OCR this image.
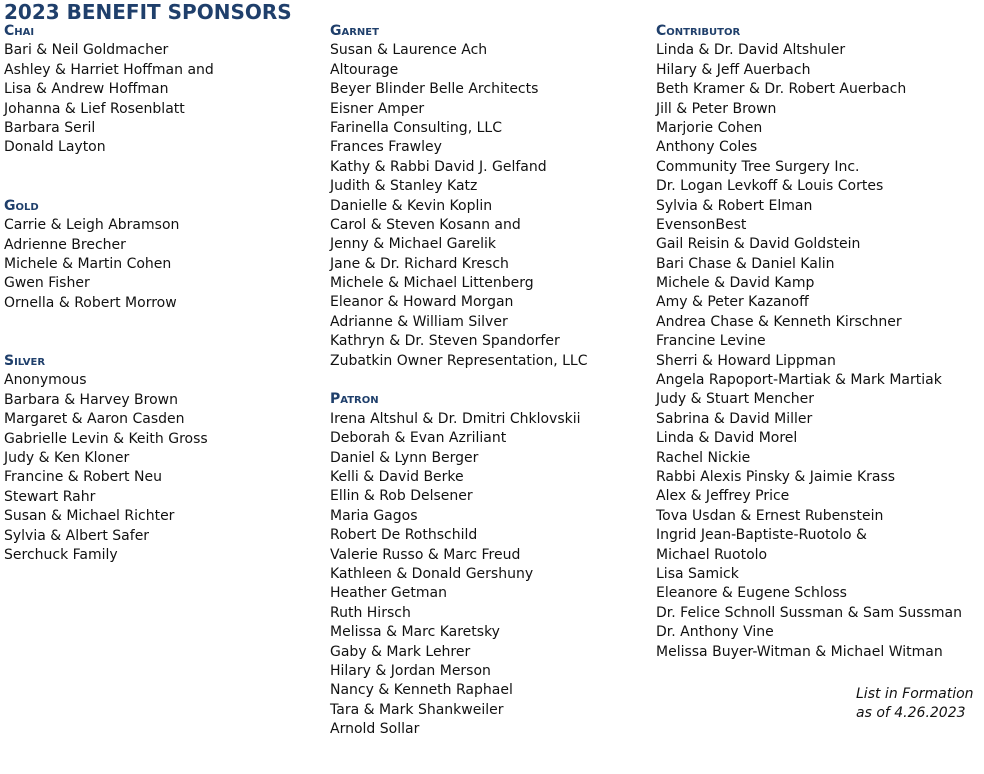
2023 BENEFIT SPONSORS
Chai
Bari & Neil Goldmacher
Ashley & Harriet Hoffman and
Lisa & Andrew Hoffman
Johanna & Lief Rosenblatt
Barbara Seril
Donald Layton
Gold
Carrie & Leigh Abramson
Adrienne Brecher
Michele & Martin Cohen
Gwen Fisher
Ornella & Robert Morrow
Silver
Anonymous
Barbara & Harvey Brown
Margaret & Aaron Casden
Gabrielle Levin & Keith Gross
Judy & Ken Kloner
Francine & Robert Neu
Stewart Rahr
Susan & Michael Richter
Sylvia & Albert Safer
Serchuck Family
Garnet
Susan & Laurence Ach
Altourage
Beyer Blinder Belle Architects
Eisner Amper
Farinella Consulting, LLC
Frances Frawley
Kathy & Rabbi David J. Gelfand
Judith & Stanley Katz
Danielle & Kevin Koplin
Carol & Steven Kosann and
Jenny & Michael Garelik
Jane & Dr. Richard Kresch
Michele & Michael Littenberg
Eleanor & Howard Morgan
Adrianne & William Silver
Kathryn & Dr. Steven Spandorfer
Zubatkin Owner Representation, LLC
Patron
Irena Altshul & Dr. Dmitri Chklovskii
Deborah & Evan Azriliant
Daniel & Lynn Berger
Kelli & David Berke
Ellin & Rob Delsener
Maria Gagos
Robert De Rothschild
Valerie Russo & Marc Freud
Kathleen & Donald Gershuny
Heather Getman
Ruth Hirsch
Melissa & Marc Karetsky
Gaby & Mark Lehrer
Hilary & Jordan Merson
Nancy & Kenneth Raphael
Tara & Mark Shankweiler
Arnold Sollar
Contributor
Linda & Dr. David Altshuler
Hilary & Jeff Auerbach
Beth Kramer & Dr. Robert Auerbach
Jill & Peter Brown
Marjorie Cohen
Anthony Coles
Community Tree Surgery Inc.
Dr. Logan Levkoff & Louis Cortes
Sylvia & Robert Elman
EvensonBest
Gail Reisin & David Goldstein
Bari Chase & Daniel Kalin
Michele & David Kamp
Amy & Peter Kazanoff
Andrea Chase & Kenneth Kirschner
Francine Levine
Sherri & Howard Lippman
Angela Rapoport-Martiak & Mark Martiak
Judy & Stuart Mencher
Sabrina & David Miller
Linda & David Morel
Rachel Nickie
Rabbi Alexis Pinsky & Jaimie Krass
Alex & Jeffrey Price
Tova Usdan & Ernest Rubenstein
Ingrid Jean-Baptiste-Ruotolo &
Michael Ruotolo
Lisa Samick
Eleanore & Eugene Schloss
Dr. Felice Schnoll Sussman & Sam Sussman
Dr. Anthony Vine
Melissa Buyer-Witman & Michael Witman
List in Formation
as of 4.26.2023
